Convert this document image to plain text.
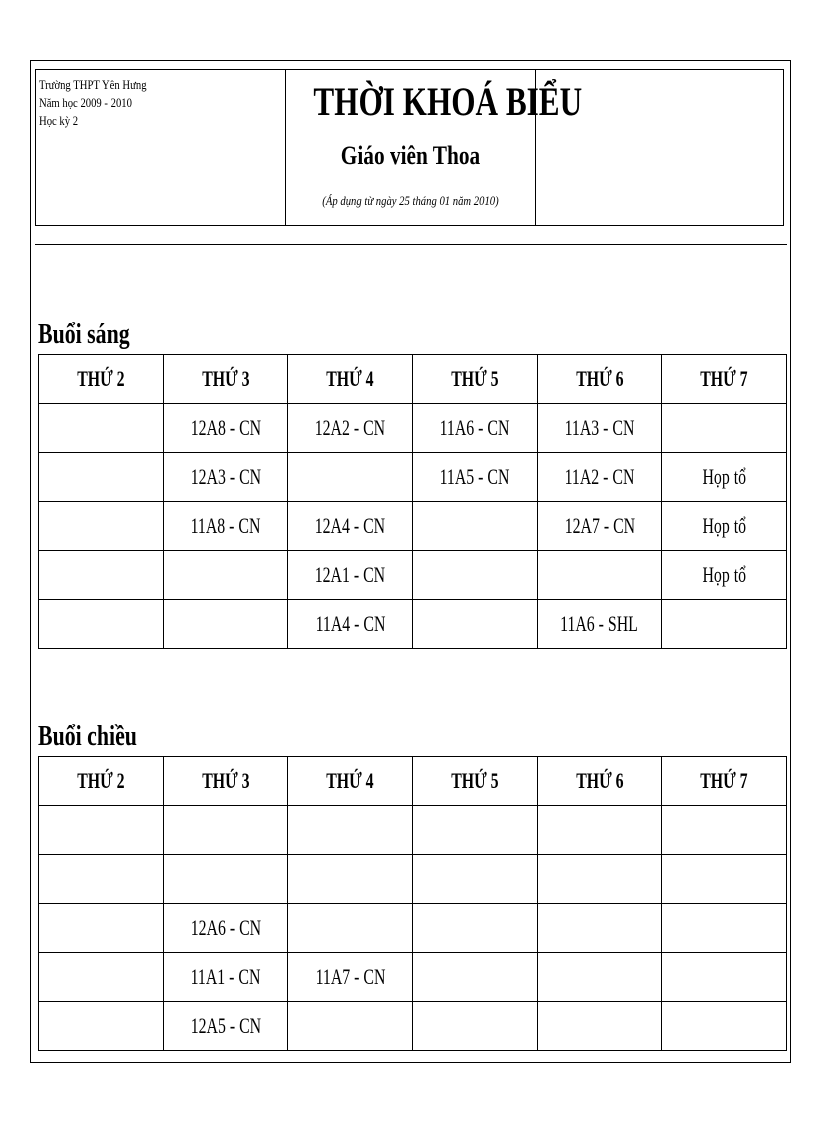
Trường THPT Yên Hưng
Năm học 2009 - 2010
Học kỳ 2	THỜI KHOÁ BIỂU
Giáo viên Thoa
(Áp dụng từ ngày 25 tháng 01 năm 2010)
Buổi sáng
THỨ 2	THỨ 3	THỨ 4	THỨ 5	THỨ 6	THỨ 7
	12A8 - CN	12A2 - CN	11A6 - CN	11A3 - CN	
	12A3 - CN		11A5 - CN	11A2 - CN	Họp tổ
	11A8 - CN	12A4 - CN		12A7 - CN	Họp tổ
		12A1 - CN			Họp tổ
		11A4 - CN		11A6 - SHL	
Buổi chiều
THỨ 2	THỨ 3	THỨ 4	THỨ 5	THỨ 6	THỨ 7

	12A6 - CN				
	11A1 - CN	11A7 - CN			
	12A5 - CN				
